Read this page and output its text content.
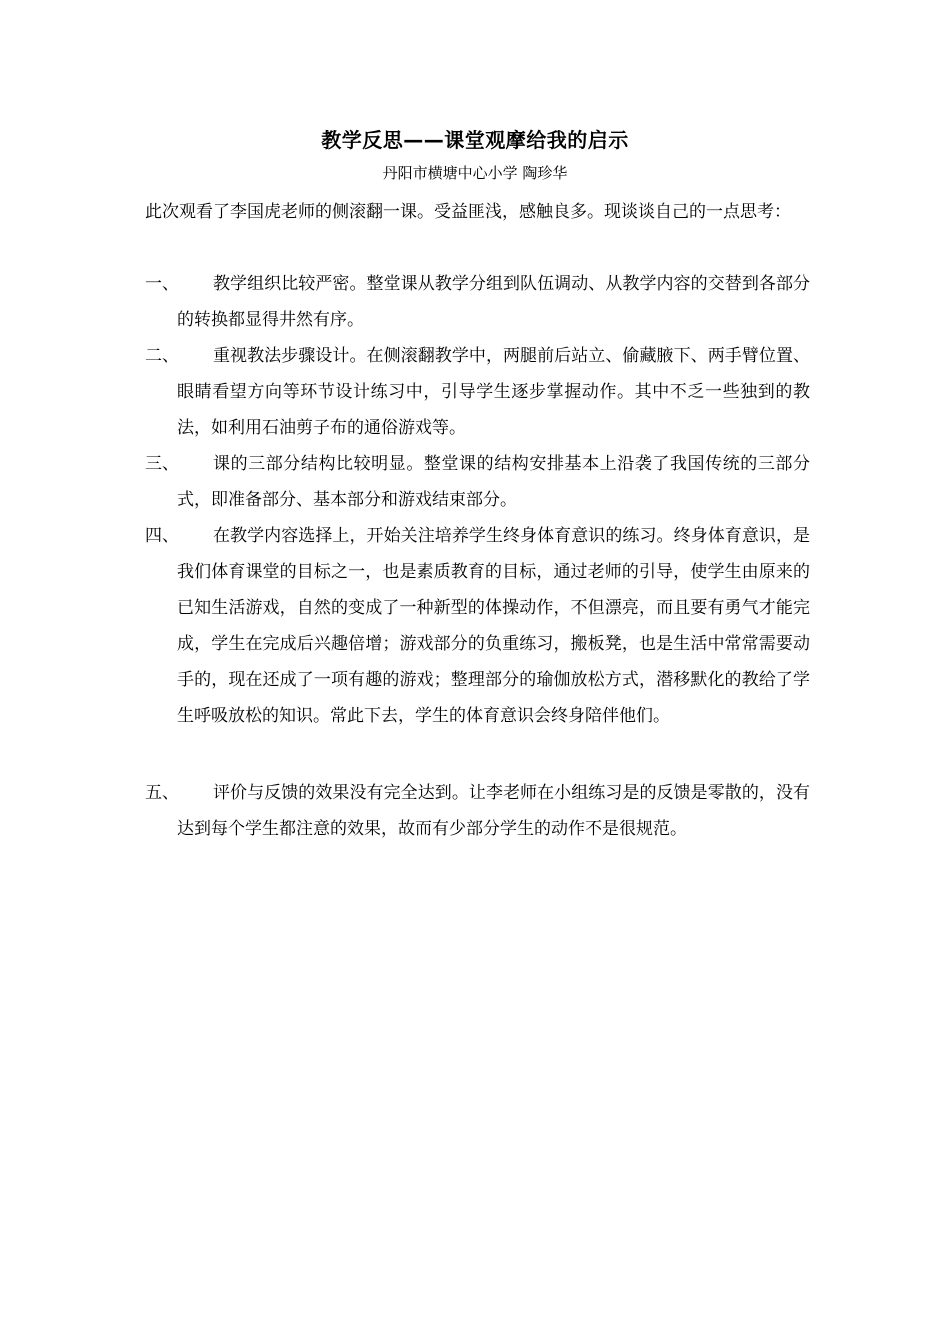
教学反思——课堂观摩给我的启示
丹阳市横塘中心小学 陶珍华
此次观看了李国虎老师的侧滚翻一课。受益匪浅，感触良多。现谈谈自己的一点思考：
一、	教学组织比较严密。整堂课从教学分组到队伍调动、从教学内容的交替到各部分的转换都显得井然有序。
二、	重视教法步骤设计。在侧滚翻教学中，两腿前后站立、偷藏腋下、两手臂位置、眼睛看望方向等环节设计练习中，引导学生逐步掌握动作。其中不乏一些独到的教法，如利用石油剪子布的通俗游戏等。
三、	课的三部分结构比较明显。整堂课的结构安排基本上沿袭了我国传统的三部分式，即准备部分、基本部分和游戏结束部分。
四、	在教学内容选择上，开始关注培养学生终身体育意识的练习。终身体育意识，是我们体育课堂的目标之一，也是素质教育的目标，通过老师的引导，使学生由原来的已知生活游戏，自然的变成了一种新型的体操动作，不但漂亮，而且要有勇气才能完成，学生在完成后兴趣倍增；游戏部分的负重练习，搬板凳，也是生活中常常需要动手的，现在还成了一项有趣的游戏；整理部分的瑜伽放松方式，潜移默化的教给了学生呼吸放松的知识。常此下去，学生的体育意识会终身陪伴他们。
五、	评价与反馈的效果没有完全达到。让李老师在小组练习是的反馈是零散的，没有达到每个学生都注意的效果，故而有少部分学生的动作不是很规范。
